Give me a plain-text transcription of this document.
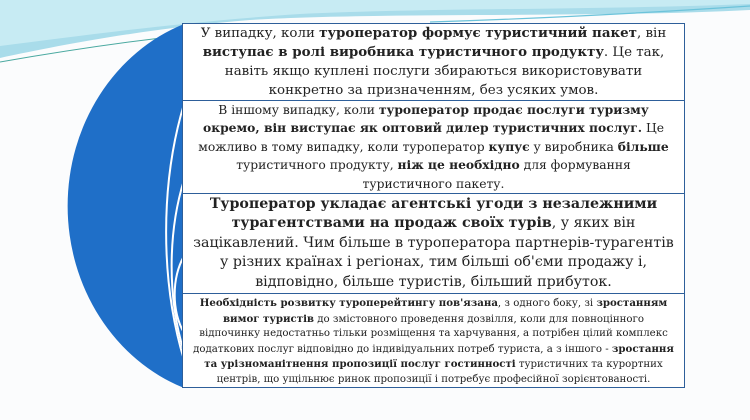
У випадку, коли туроператор формує туристичний пакет, він виступає в ролі виробника туристичного продукту. Це так, навіть якщо куплені послуги збираються використовувати конкретно за призначенням, без усяких умов.

В іншому випадку, коли туроператор продає послуги туризму окремо, він виступає як оптовий дилер туристичних послуг. Це можливо в тому випадку, коли туроператор купує у виробника більше туристичного продукту, ніж це необхідно для формування туристичного пакету.

Туроператор укладає агентські угоди з незалежними турагентствами на продаж своїх турів, у яких він зацікавлений. Чим більше в туроператора партнерів-турагентів у різних країнах і регіонах, тим більші об'єми продажу і, відповідно, більше туристів, більший прибуток.

Необхідність розвитку туроперейтингу пов'язана, з одного боку, зі зростанням вимог туристів до змістовного проведення дозвілля, коли для повноцінного відпочинку недостатньо тільки розміщення та харчування, а потрібен цілий комплекс додаткових послуг відповідно до індивідуальних потреб туриста, а з іншого - зростання та урізноманітнення пропозиції послуг гостинності туристичних та курортних центрів, що ущільнює ринок пропозиції і потребує професійної зорієнтованості.
